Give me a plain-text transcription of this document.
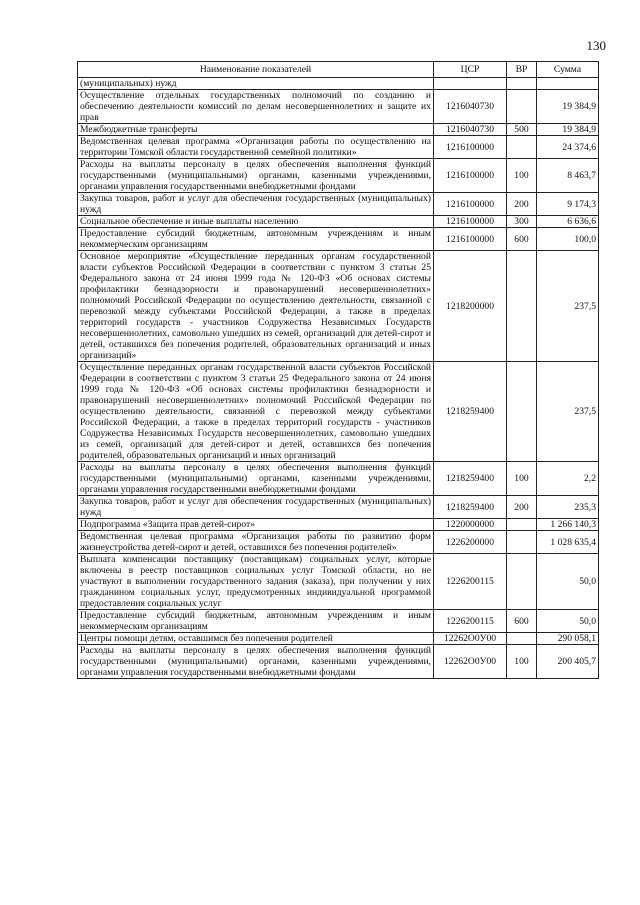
130
Наименование показателей	ЦСР	ВР	Сумма
(муниципальных) нужд			
Осуществление отдельных государственных полномочий по созданию и обеспечению деятельности комиссий по делам несовершеннолетних и защите их прав	1216040730		19 384,9
Межбюджетные трансферты	1216040730	500	19 384,9
Ведомственная целевая программа «Организация работы по осуществлению на территории Томской области государственной семейной политики»	1216100000		24 374,6
Расходы на выплаты персоналу в целях обеспечения выполнения функций государственными (муниципальными) органами, казенными учреждениями, органами управления государственными внебюджетными фондами	1216100000	100	8 463,7
Закупка товаров, работ и услуг для обеспечения государственных (муниципальных) нужд	1216100000	200	9 174,3
Социальное обеспечение и иные выплаты населению	1216100000	300	6 636,6
Предоставление субсидий бюджетным, автономным учреждениям и иным некоммерческим организациям	1216100000	600	100,0
Основное мероприятие «Осуществление переданных органам государственной власти субъектов Российской Федерации в соответствии с пунктом 3 статьи 25 Федерального закона от 24 июня 1999 года № 120-ФЗ «Об основах системы профилактики безнадзорности и правонарушений несовершеннолетних» полномочий Российской Федерации по осуществлению деятельности, связанной с перевозкой между субъектами Российской Федерации, а также в пределах территорий государств - участников Содружества Независимых Государств несовершеннолетних, самовольно ушедших из семей, организаций для детей-сирот и детей, оставшихся без попечения родителей, образовательных организаций и иных организаций»	1218200000		237,5
Осуществление переданных органам государственной власти субъектов Российской Федерации в соответствии с пунктом 3 статьи 25 Федерального закона от 24 июня 1999 года № 120-ФЗ «Об основах системы профилактики безнадзорности и правонарушений несовершеннолетних» полномочий Российской Федерации по осуществлению деятельности, связанной с перевозкой между субъектами Российской Федерации, а также в пределах территорий государств - участников Содружества Независимых Государств несовершеннолетних, самовольно ушедших из семей, организаций для детей-сирот и детей, оставшихся без попечения родителей, образовательных организаций и иных организаций	1218259400		237,5
Расходы на выплаты персоналу в целях обеспечения выполнения функций государственными (муниципальными) органами, казенными учреждениями, органами управления государственными внебюджетными фондами	1218259400	100	2,2
Закупка товаров, работ и услуг для обеспечения государственных (муниципальных) нужд	1218259400	200	235,3
Подпрограмма «Защита прав детей-сирот»	1220000000		1 266 140,3
Ведомственная целевая программа «Организация работы по развитию форм жизнеустройства детей-сирот и детей, оставшихся без попечения родителей»	1226200000		1 028 635,4
Выплата компенсации поставщику (поставщикам) социальных услуг, которые включены в реестр поставщиков социальных услуг Томской области, но не участвуют в выполнении государственного задания (заказа), при получении у них гражданином социальных услуг, предусмотренных индивидуальной программой предоставления социальных услуг	1226200115		50,0
Предоставление субсидий бюджетным, автономным учреждениям и иным некоммерческим организациям	1226200115	600	50,0
Центры помощи детям, оставшимся без попечения родителей	12262О0У00		290 058,1
Расходы на выплаты персоналу в целях обеспечения выполнения функций государственными (муниципальными) органами, казенными учреждениями, органами управления государственными внебюджетными фондами	12262О0У00	100	200 405,7
